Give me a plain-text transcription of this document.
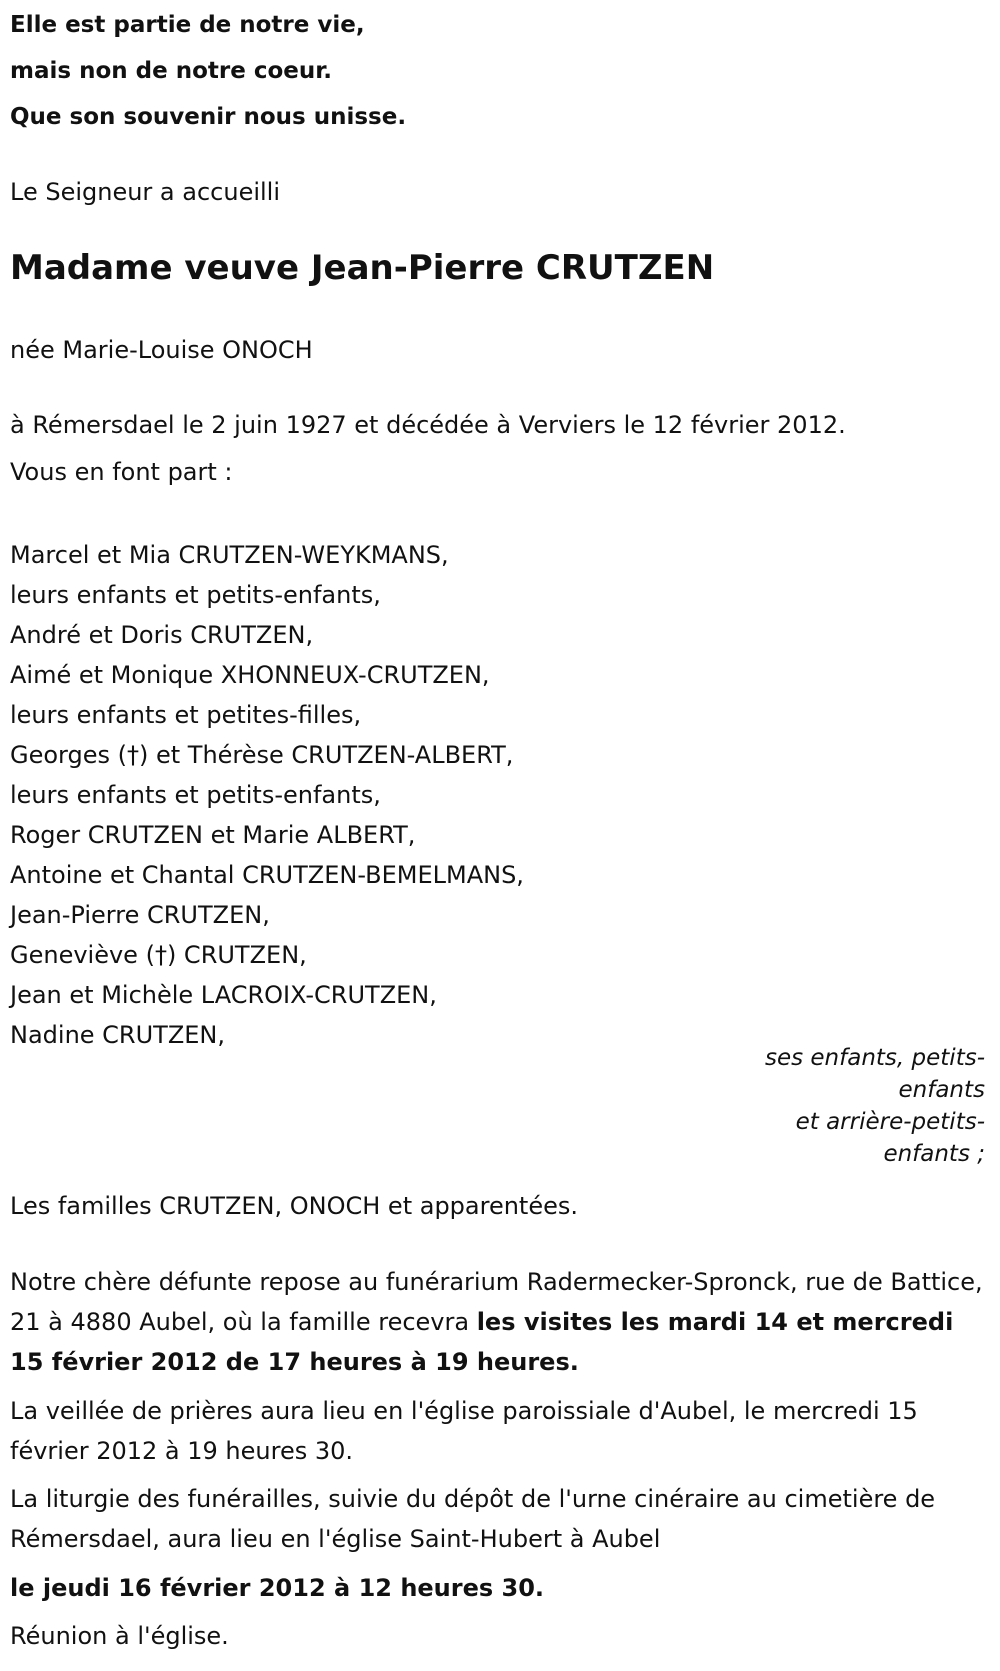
Elle est partie de notre vie,
mais non de notre coeur.
Que son souvenir nous unisse.
Le Seigneur a accueilli
Madame veuve Jean-Pierre CRUTZEN
née Marie-Louise ONOCH
à Rémersdael le 2 juin 1927 et décédée à Verviers le 12 février 2012.
Vous en font part :
Marcel et Mia CRUTZEN-WEYKMANS,
leurs enfants et petits-enfants,
André et Doris CRUTZEN,
Aimé et Monique XHONNEUX-CRUTZEN,
leurs enfants et petites-filles,
Georges (†) et Thérèse CRUTZEN-ALBERT,
leurs enfants et petits-enfants,
Roger CRUTZEN et Marie ALBERT,
Antoine et Chantal CRUTZEN-BEMELMANS,
Jean-Pierre CRUTZEN,
Geneviève (†) CRUTZEN,
Jean et Michèle LACROIX-CRUTZEN,
Nadine CRUTZEN,
ses enfants, petits-
enfants
et arrière-petits-
enfants ;
Les familles CRUTZEN, ONOCH et apparentées.
Notre chère défunte repose au funérarium Radermecker-Spronck, rue de Battice, 21 à 4880 Aubel, où la famille recevra les visites les mardi 14 et mercredi 15 février 2012 de 17 heures à 19 heures.
La veillée de prières aura lieu en l'église paroissiale d'Aubel, le mercredi 15 février 2012 à 19 heures 30.
La liturgie des funérailles, suivie du dépôt de l'urne cinéraire au cimetière de Rémersdael, aura lieu en l'église Saint-Hubert à Aubel
le jeudi 16 février 2012 à 12 heures 30.
Réunion à l'église.
